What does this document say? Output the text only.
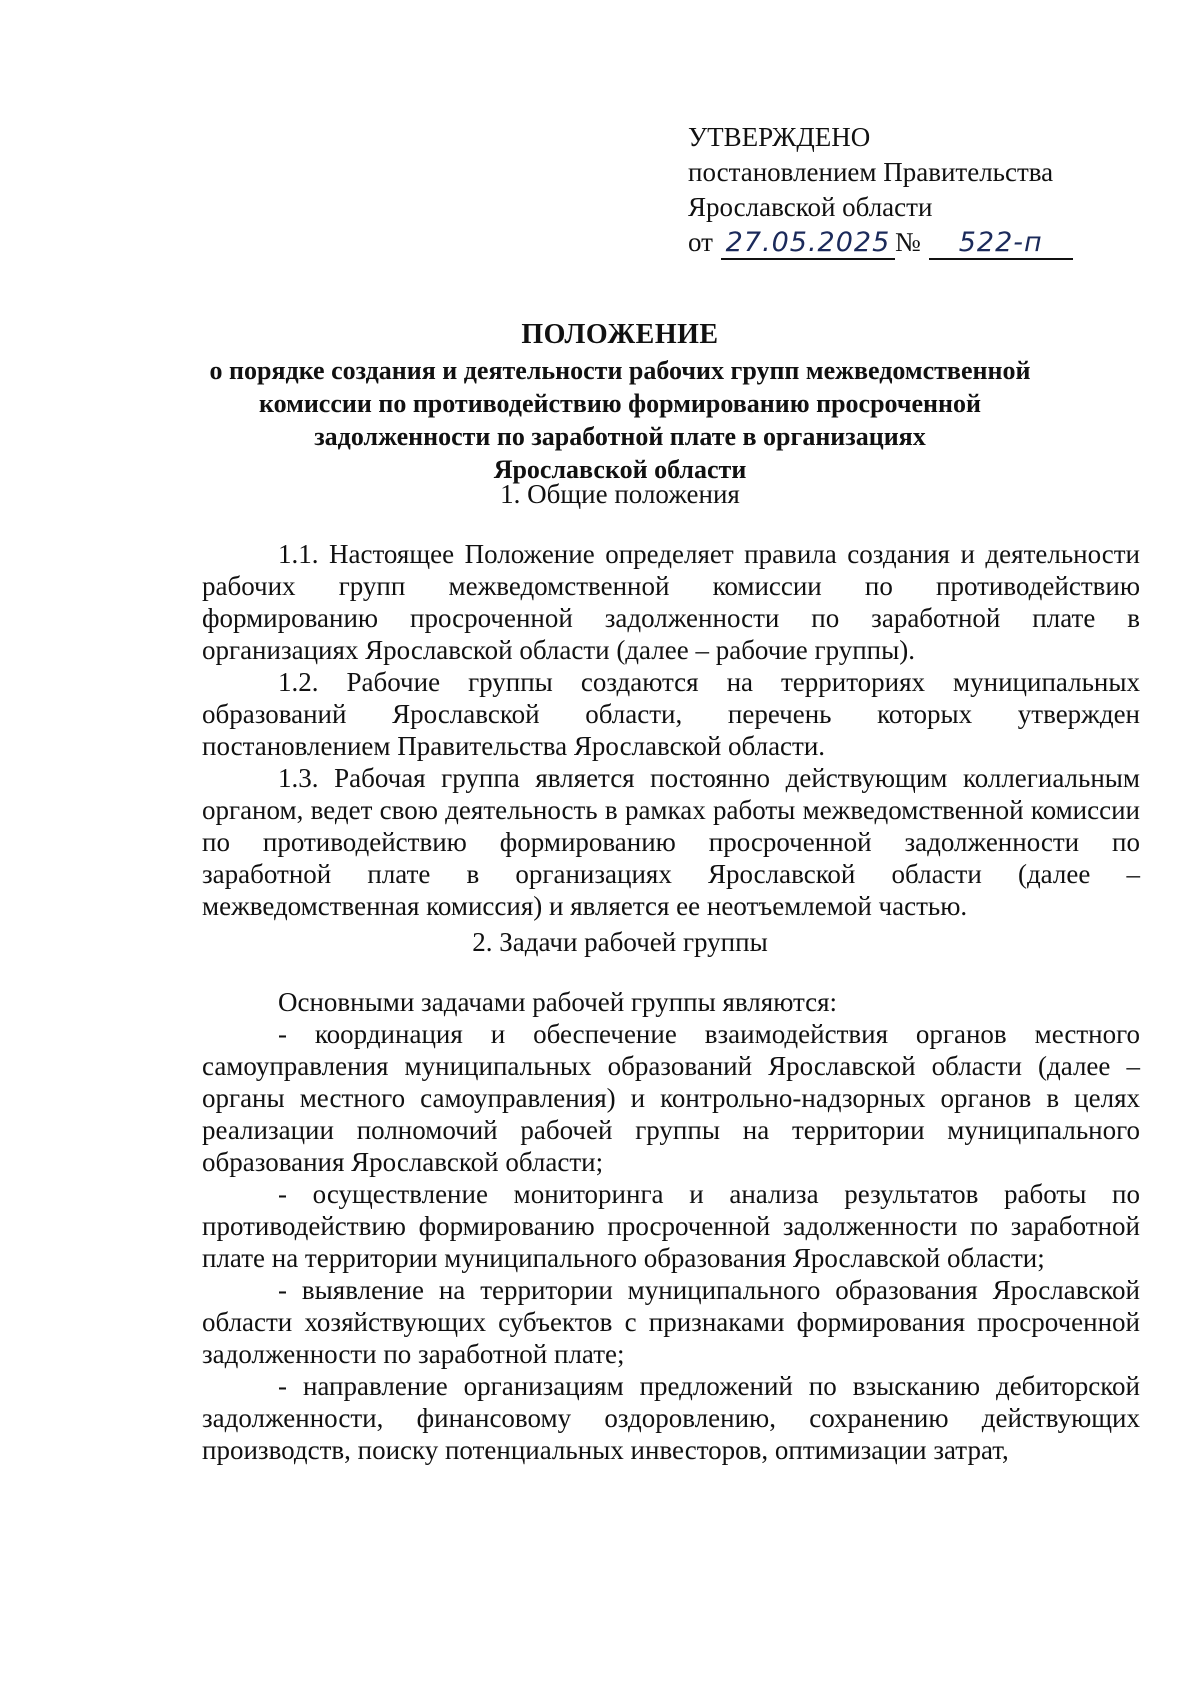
УТВЕРЖДЕНО
постановлением Правительства
Ярославской области
от 27.05.2025 №	522-п
ПОЛОЖЕНИЕ
о порядке создания и деятельности рабочих групп межведомственной
комиссии по противодействию формированию просроченной
задолженности по заработной плате в организациях
Ярославской области
1. Общие положения

1.1. Настоящее Положение определяет правила создания и деятельности рабочих групп межведомственной комиссии по противодействию формированию просроченной задолженности по заработной плате в организациях Ярославской области (далее – рабочие группы).

1.2. Рабочие группы создаются на территориях муниципальных образований Ярославской области, перечень которых утвержден постановлением Правительства Ярославской области.

1.3. Рабочая группа является постоянно действующим коллегиальным органом, ведет свою деятельность в рамках работы межведомственной комиссии по противодействию формированию просроченной задолженности по заработной плате в организациях Ярославской области (далее – межведомственная комиссия) и является ее неотъемлемой частью.

2. Задачи рабочей группы

Основными задачами рабочей группы являются:

- координация и обеспечение взаимодействия органов местного самоуправления муниципальных образований Ярославской области (далее – органы местного самоуправления) и контрольно-надзорных органов в целях реализации полномочий рабочей группы на территории муниципального образования Ярославской области;

- осуществление мониторинга и анализа результатов работы по противодействию формированию просроченной задолженности по заработной плате на территории муниципального образования Ярославской области;

- выявление на территории муниципального образования Ярославской области хозяйствующих субъектов с признаками формирования просроченной задолженности по заработной плате;

- направление организациям предложений по взысканию дебиторской задолженности, финансовому оздоровлению, сохранению действующих производств, поиску потенциальных инвесторов, оптимизации затрат,
